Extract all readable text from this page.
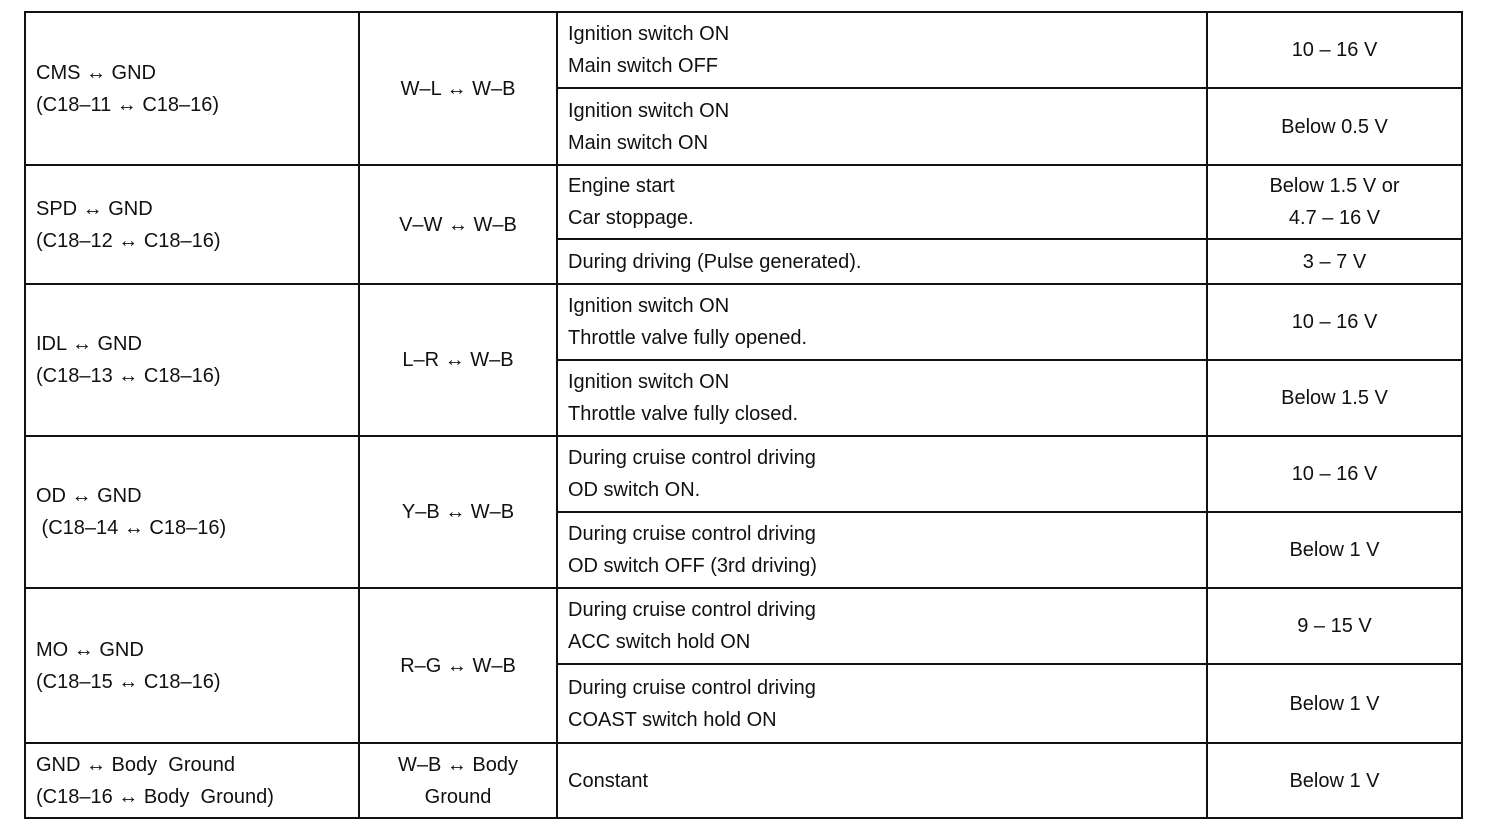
CMS ↔ GND
(C18–11 ↔ C18–16)	W–L ↔ W–B	Ignition switch ON
Main switch OFF	10 – 16 V

		Ignition switch ON
Main switch ON	Below 0.5 V

SPD ↔ GND
(C18–12 ↔ C18–16)	V–W ↔ W–B	Engine start
Car stoppage.	Below 1.5 V or
4.7 – 16 V

		During driving (Pulse generated).	3 – 7 V

IDL ↔ GND
(C18–13 ↔ C18–16)	L–R ↔ W–B	Ignition switch ON
Throttle valve fully opened.	10 – 16 V

		Ignition switch ON
Throttle valve fully closed.	Below 1.5 V

OD ↔ GND
(C18–14 ↔ C18–16)	Y–B ↔ W–B	During cruise control driving
OD switch ON.	10 – 16 V

		During cruise control driving
OD switch OFF (3rd driving)	Below 1 V

MO ↔ GND
(C18–15 ↔ C18–16)	R–G ↔ W–B	During cruise control driving
ACC switch hold ON	9 – 15 V

		During cruise control driving
COAST switch hold ON	Below 1 V

GND ↔ Body  Ground
(C18–16 ↔ Body  Ground)	W–B ↔ Body
Ground	Constant	Below 1 V
